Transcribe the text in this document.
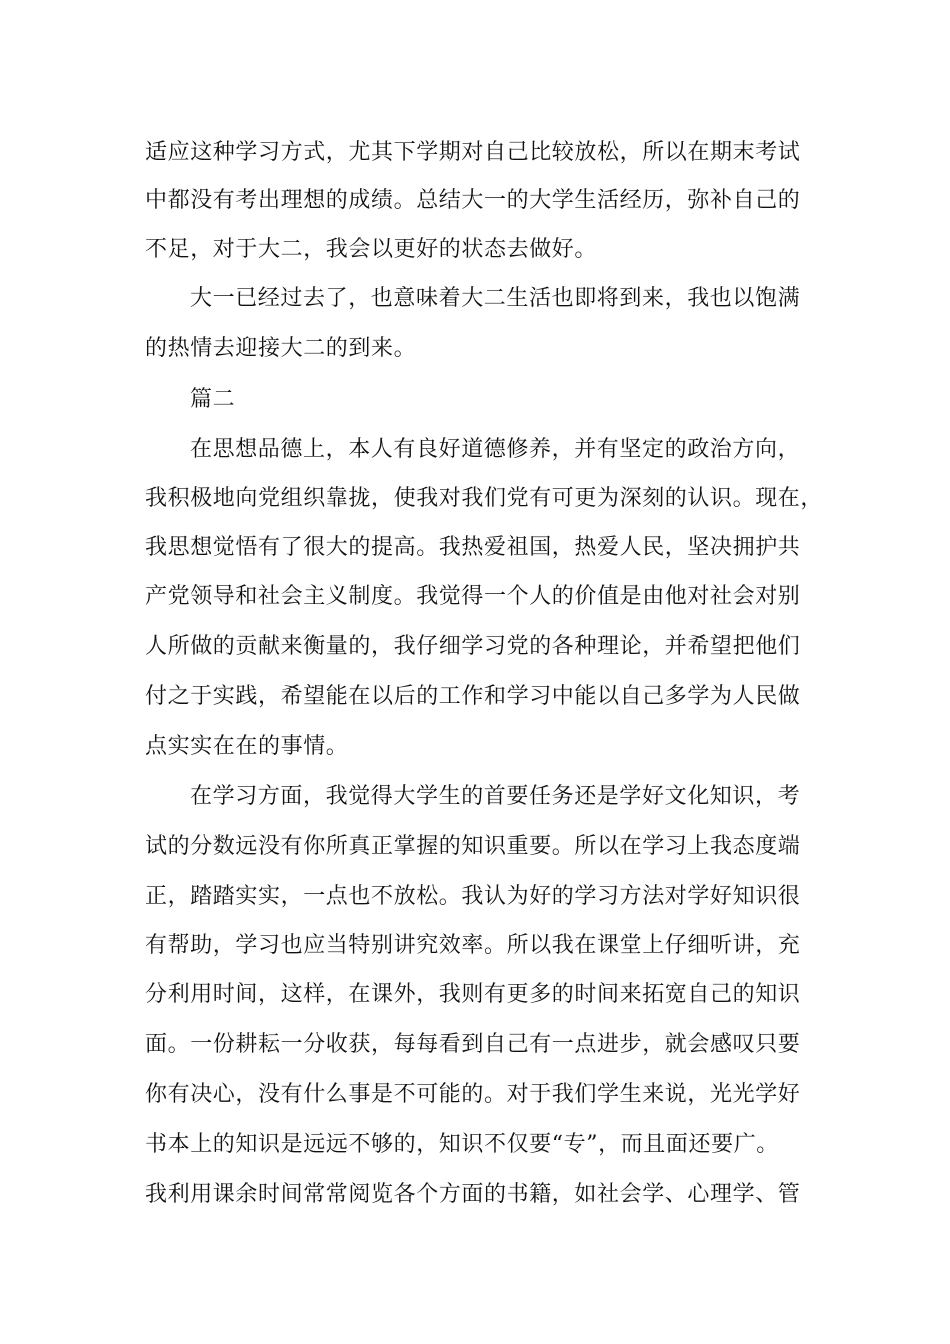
适应这种学习方式，尤其下学期对自己比较放松，所以在期末考试
中都没有考出理想的成绩。总结大一的大学生活经历，弥补自己的
不足，对于大二，我会以更好的状态去做好。
大一已经过去了，也意味着大二生活也即将到来，我也以饱满
的热情去迎接大二的到来。
篇二
在思想品德上，本人有良好道德修养，并有坚定的政治方向，
我积极地向党组织靠拢，使我对我们党有可更为深刻的认识。现在，
我思想觉悟有了很大的提高。我热爱祖国，热爱人民，坚决拥护共
产党领导和社会主义制度。我觉得一个人的价值是由他对社会对别
人所做的贡献来衡量的，我仔细学习党的各种理论，并希望把他们
付之于实践，希望能在以后的工作和学习中能以自己多学为人民做
点实实在在的事情。
在学习方面，我觉得大学生的首要任务还是学好文化知识，考
试的分数远没有你所真正掌握的知识重要。所以在学习上我态度端
正，踏踏实实，一点也不放松。我认为好的学习方法对学好知识很
有帮助，学习也应当特别讲究效率。所以我在课堂上仔细听讲，充
分利用时间，这样，在课外，我则有更多的时间来拓宽自己的知识
面。一份耕耘一分收获，每每看到自己有一点进步，就会感叹只要
你有决心，没有什么事是不可能的。对于我们学生来说，光光学好
书本上的知识是远远不够的，知识不仅要“专”，而且面还要广。
我利用课余时间常常阅览各个方面的书籍，如社会学、心理学、管
